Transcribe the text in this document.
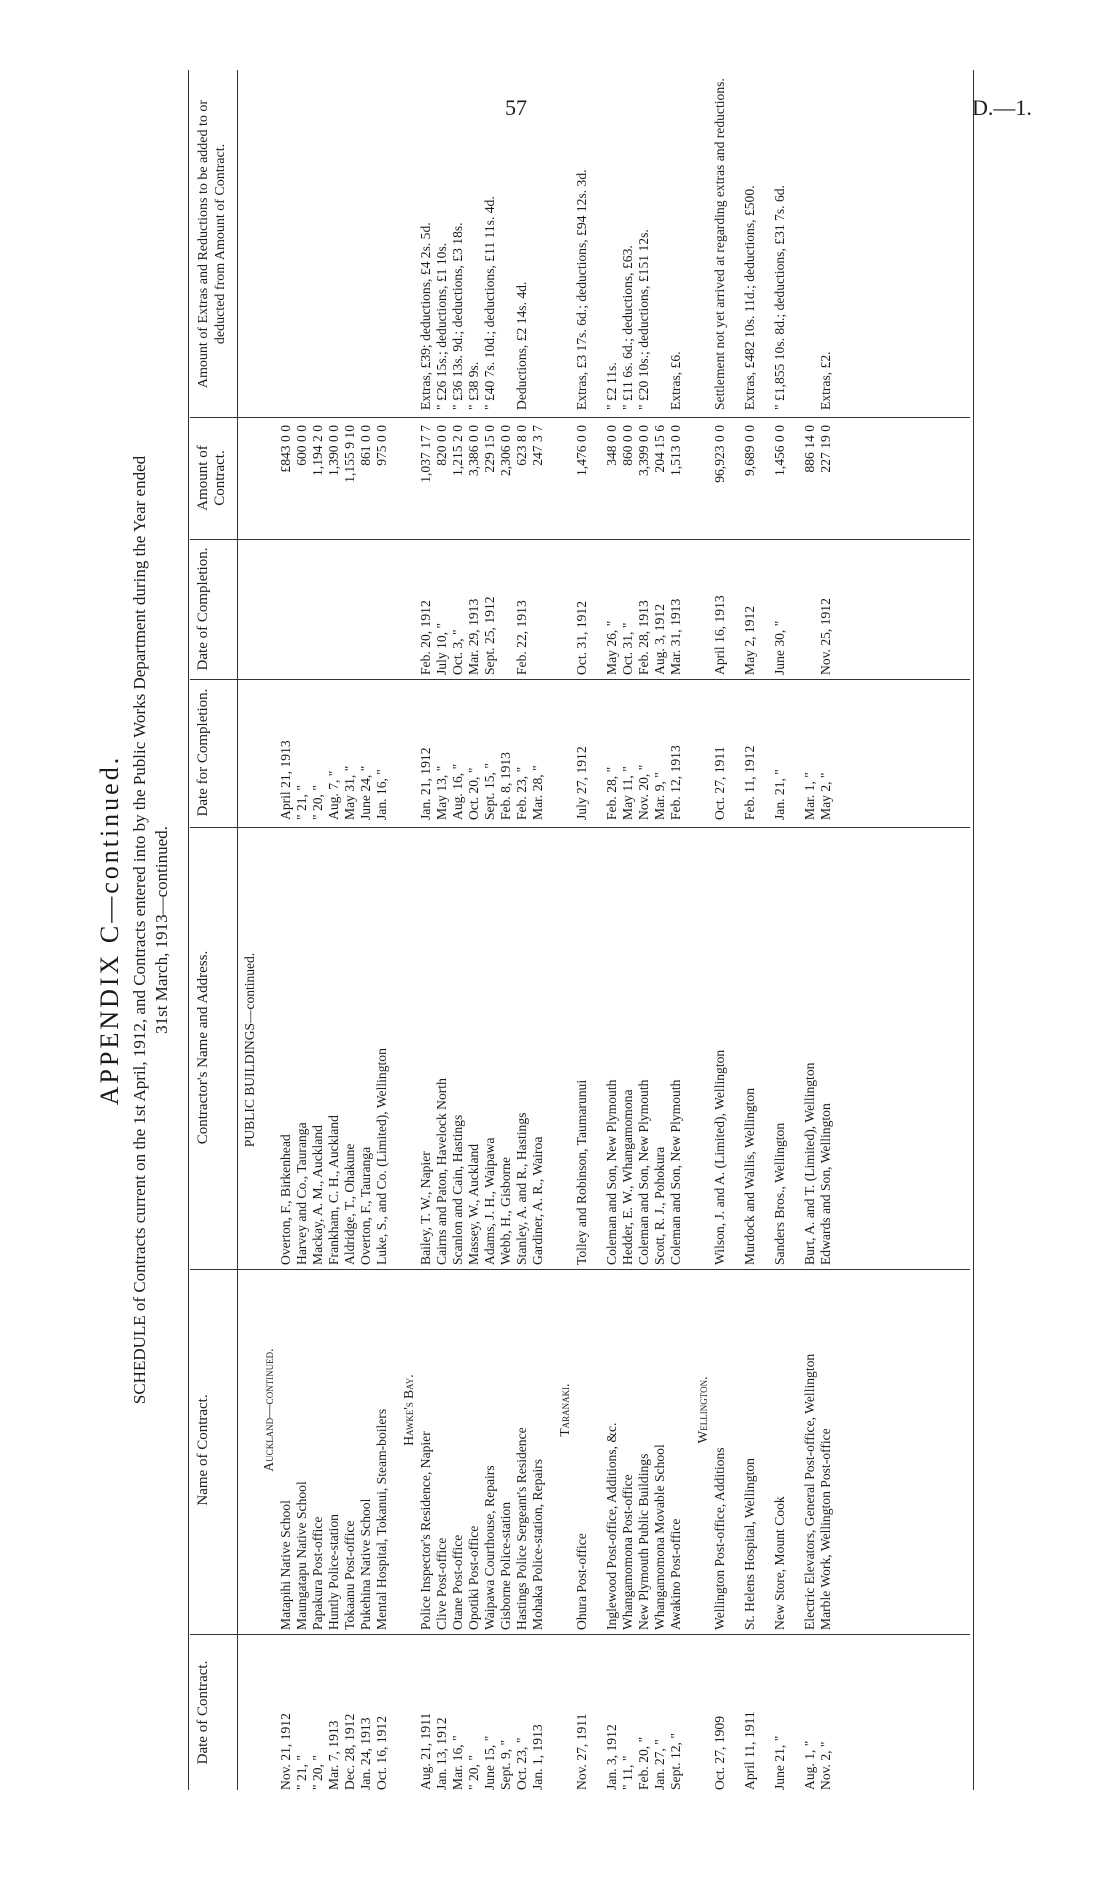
57	D.—1.
APPENDIX C—continued. SCHEDULE of Contracts current on the 1st April, 1912, and Contracts entered into by the Public Works Department during the Year ended 31st March, 1913—continued.
Date of Contract.
Name of Contract.
Contractor's Name and Address.
Date for Completion.
Date of Completion.
Amount of Contract.
Amount of Extras and Reductions to be added to or deducted from Amount of Contract.
PUBLIC BUILDINGS—continued.
Auckland—continued.
Nov. 21, 1912
Matapihi Native School
Overton, F., Birkenhead
April 21, 1913
£843 0 0
" 21, "
Maungatapu Native School
Harvey and Co., Tauranga
" 21, "
600 0 0
" 20, "
Papakura Post-office
Mackay, A. M., Auckland
" 20, "
1,194 2 0
Mar. 7, 1913
Huntly Police-station
Frankham, C. H., Auckland
Aug. 7, "
1,390 0 0
Dec. 28, 1912
Tokaanu Post-office
Aldridge, T., Ohakune
May 31, "
1,155 9 10
Jan. 24, 1913
Pukehina Native School
Overton, F., Tauranga
June 24, "
861 0 0
Oct. 16, 1912
Mental Hospital, Tokanui, Steam-boilers
Luke, S., and Co. (Limited), Wellington
Jan. 16, "
975 0 0
Hawke's Bay.
Aug. 21, 1911
Police Inspector's Residence, Napier
Bailey, T. W., Napier
Jan. 21, 1912
Feb. 20, 1912
1,037 17 7
Extras, £39; deductions, £4 2s. 5d.
Jan. 13, 1912
Clive Post-office
Cairns and Paton, Havelock North
May 13, "
July 10, "
820 0 0
" £26 15s.; deductions, £1 10s.
Mar. 16, "
Otane Post-office
Scanlon and Cain, Hastings
Aug. 16, "
Oct. 3, "
1,215 2 0
" £36 13s. 9d.; deductions, £3 18s.
" 20, "
Opotiki Post-office
Massey, W., Auckland
Oct. 20, "
Mar. 29, 1913
3,386 0 0
" £38 9s.
June 15, "
Waipawa Courthouse, Repairs
Adams, J. H., Waipawa
Sept. 15, "
Sept. 25, 1912
229 15 0
" £40 7s. 10d.; deductions, £11 11s. 4d.
Sept. 9, "
Gisborne Police-station
Webb, H., Gisborne
Feb. 8, 1913
2,306 0 0
Oct. 23, "
Hastings Police Sergeant's Residence
Stanley, A. and R., Hastings
Feb. 23, "
Feb. 22, 1913
623 8 0
Deductions, £2 14s. 4d.
Jan. 1, 1913
Mohaka Police-station, Repairs
Gardiner, A. R., Wairoa
Mar. 28, "
247 3 7
Taranaki.
Nov. 27, 1911
Ohura Post-office
Tolley and Robinson, Taumarunui
July 27, 1912
Oct. 31, 1912
1,476 0 0
Extras, £3 17s. 6d.; deductions, £94 12s. 3d.
Jan. 3, 1912
Inglewood Post-office, Additions, &c.
Coleman and Son, New Plymouth
Feb. 28, "
May 26, "
348 0 0
" £2 11s.
" 11, "
Whangamomona Post-office
Hedder, E. W., Whangamomona
May 11, "
Oct. 31, "
860 0 0
" £11 6s. 6d.; deductions, £63.
Feb. 20, "
New Plymouth Public Buildings
Coleman and Son, New Plymouth
Nov. 20, "
Feb. 28, 1913
3,399 0 0
" £20 10s.; deductions, £151 12s.
Jan. 27, "
Whangamomona Movable School
Scott, R. J., Pohokura
Mar. 9, "
Aug. 3, 1912
204 15 6
Sept. 12, "
Awakino Post-office
Coleman and Son, New Plymouth
Feb. 12, 1913
Mar. 31, 1913
1,513 0 0
Extras, £6.
Wellington.
Oct. 27, 1909
Wellington Post-office, Additions
Wilson, J. and A. (Limited), Wellington
Oct. 27, 1911
April 16, 1913
96,923 0 0
Settlement not yet arrived at regarding extras and reductions.
April 11, 1911
St. Helens Hospital, Wellington
Murdock and Wallis, Wellington
Feb. 11, 1912
May 2, 1912
9,689 0 0
Extras, £482 10s. 11d.; deductions, £500.
June 21, "
New Store, Mount Cook
Sanders Bros., Wellington
Jan. 21, "
June 30, "
1,456 0 0
" £1,855 10s. 8d.; deductions, £31 7s. 6d.
Aug. 1, "
Electric Elevators, General Post-office, Wellington
Burt, A. and T. (Limited), Wellington
Mar. 1, "
886 14 0
Nov. 2, "
Marble Work, Wellington Post-office
Edwards and Son, Wellington
May 2, "
Nov. 25, 1912
227 19 0
Extras, £2.
